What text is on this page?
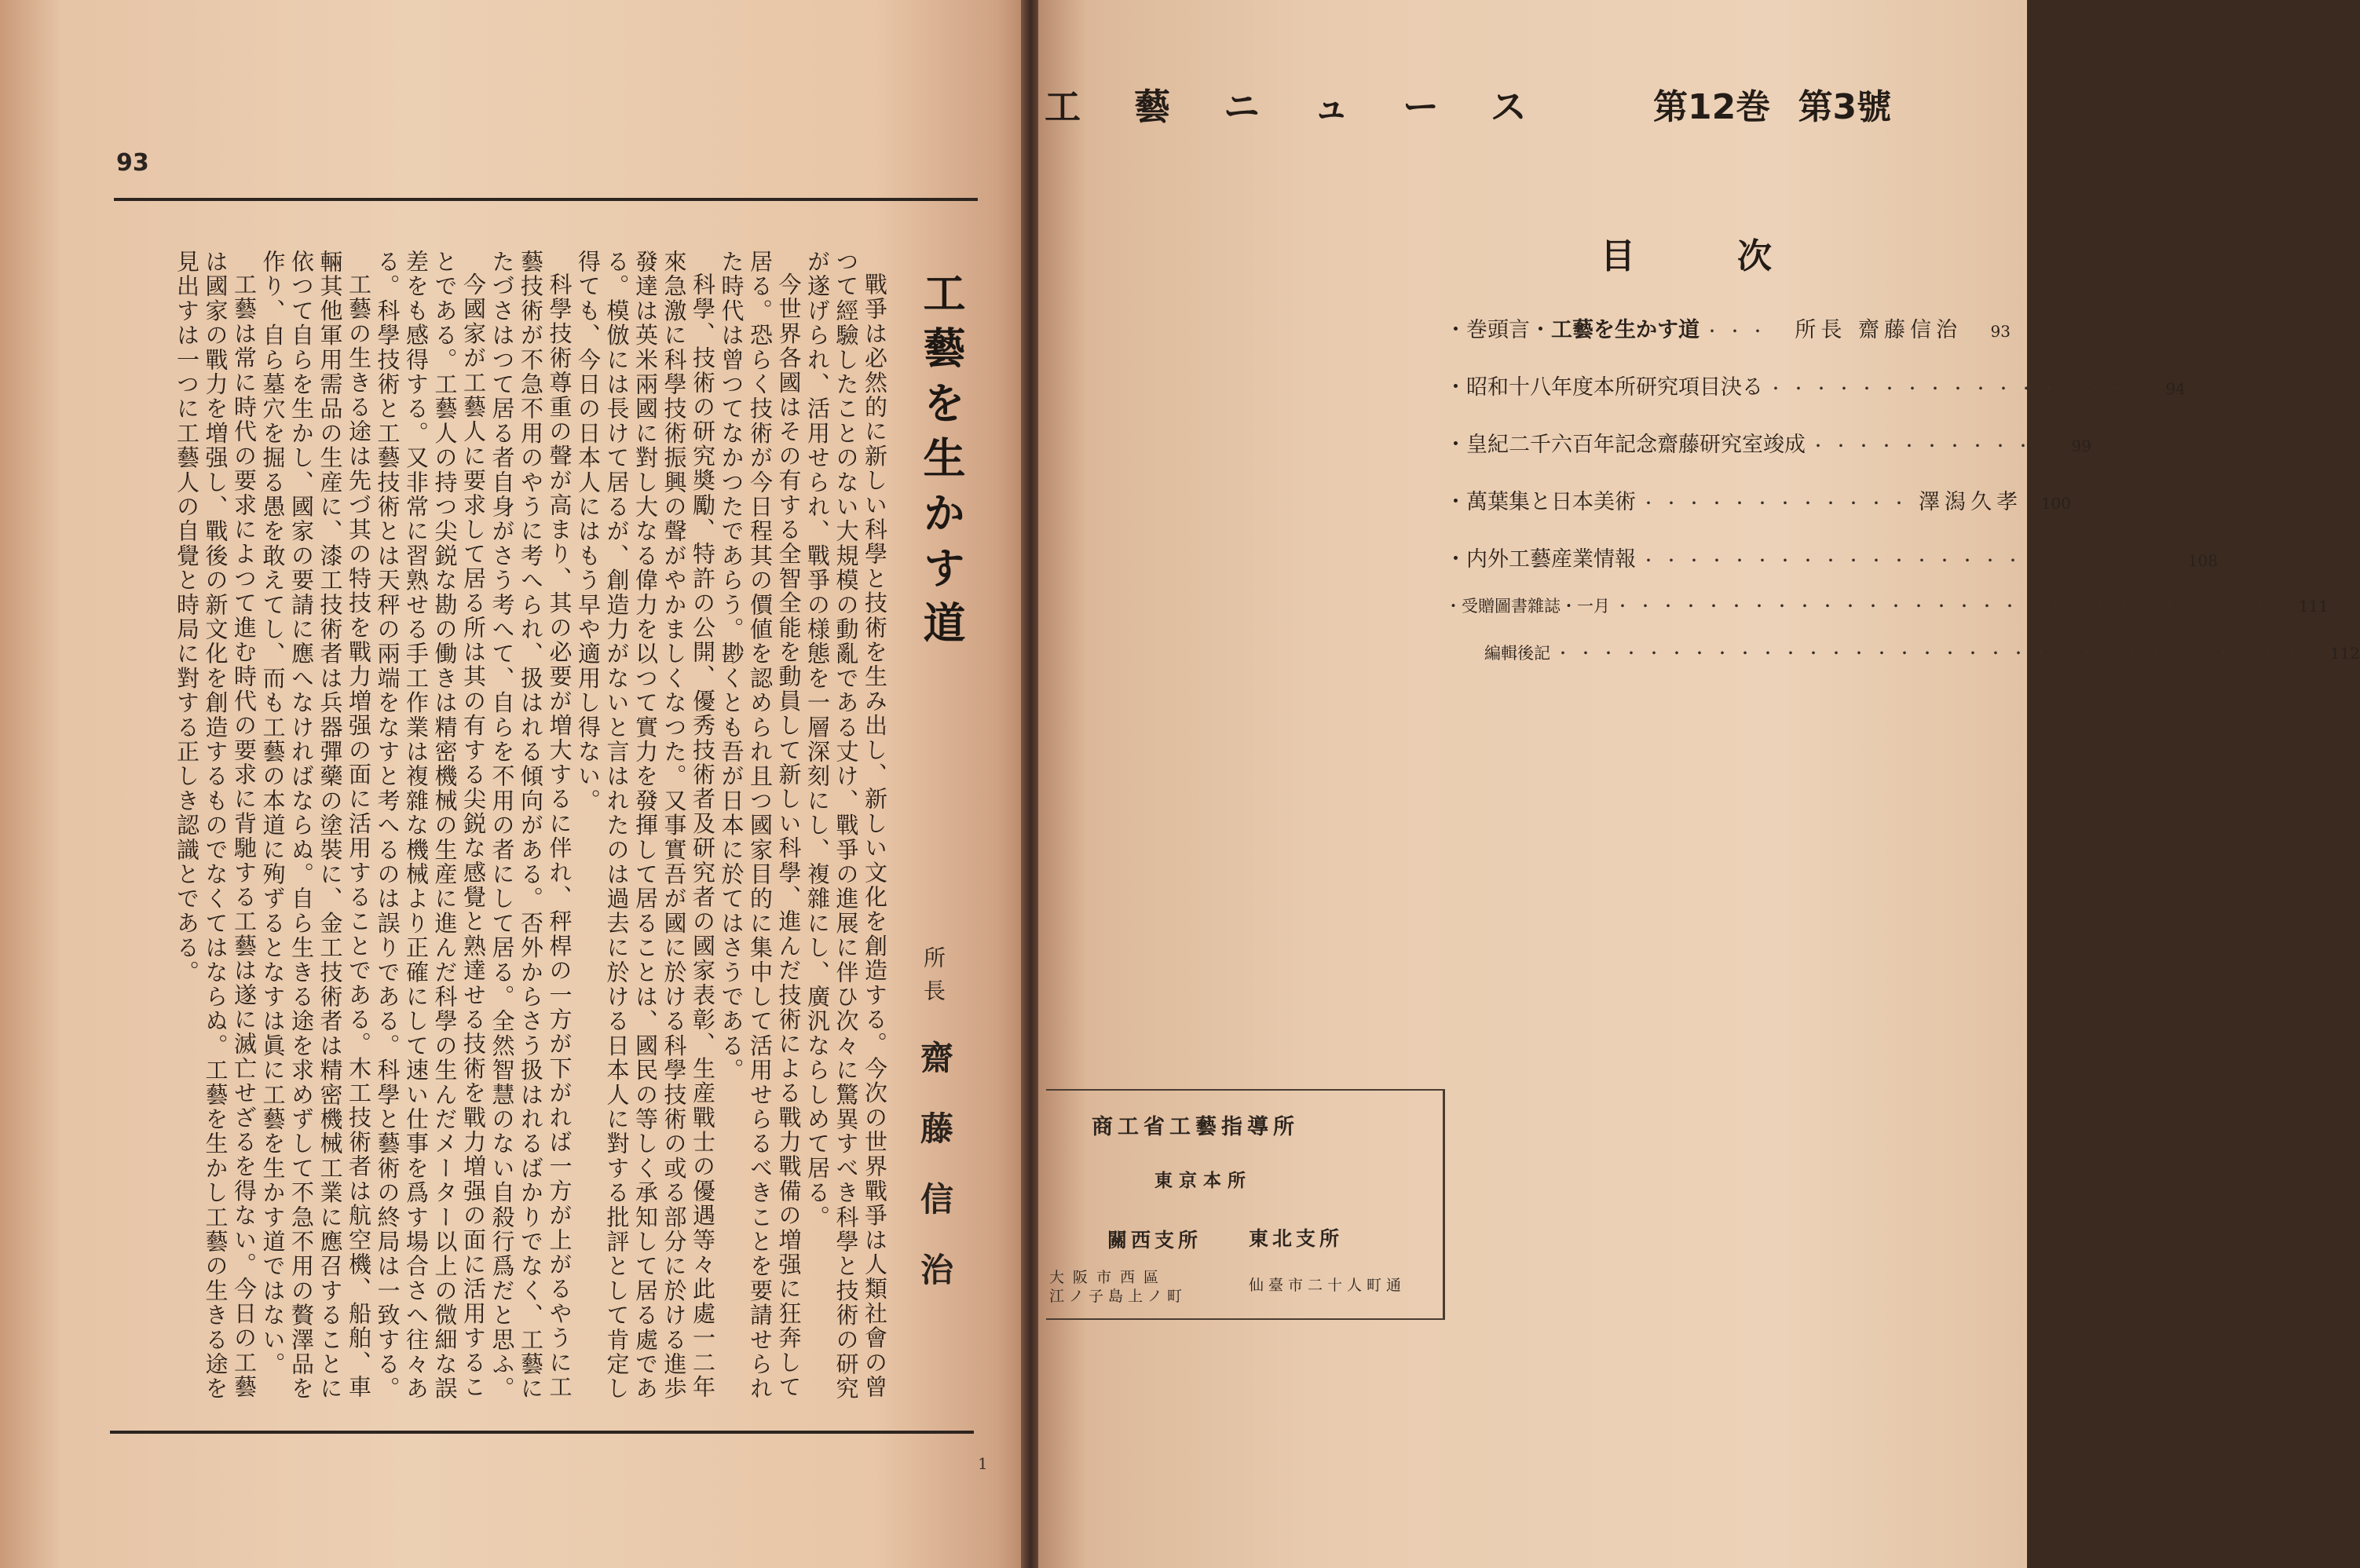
93
工藝を生かす道
所長
齋藤信治

戰爭は必然的に新しい科學と技術を生み出し、新しい文化を創造する。今次の世界戰爭は人類社會の曾つて經驗したことのない大規模の動亂である丈け、戰爭の進展に伴ひ次々に驚異すべき科學と技術の研究が遂げられ、活用せられ、戰爭の様態を一層深刻にし、複雜にし、廣汎ならしめて居る。

今世界各國はその有する全智全能を動員して新しい科學、進んだ技術による戰力戰備の増强に狂奔して居る。恐らく技術が今日程其の價値を認められ且つ國家目的に集中して活用せらるべきことを要請せられた時代は曾つてなかつたであらう。尠くとも吾が日本に於てはさうである。

科學、技術の研究奬勵、特許の公開、優秀技術者及研究者の國家表彰、生産戰士の優遇等々此處一二年來急激に科學技術振興の聲がやかましくなつた。又事實吾が國に於ける科學技術の或る部分に於ける進歩發達は英米兩國に對し大なる偉力を以つて實力を發揮して居ることは、國民の等しく承知して居る處である。模倣には長けて居るが、創造力がないと言はれたのは過去に於ける日本人に對する批評として肯定し得ても、今日の日本人にはもう早や適用し得ない。

科學技術尊重の聲が高まり、其の必要が増大するに伴れ、秤桿の一方が下がれば一方が上がるやうに工藝技術が不急不用のやうに考へられ、扱はれる傾向がある。否外からさう扱はれるばかりでなく、工藝にたづさはつて居る者自身がさう考へて、自らを不用の者にして居る。全然智慧のない自殺行爲だと思ふ。

今國家が工藝人に要求して居る所は其の有する尖鋭な感覺と熟達せる技術を戰力増强の面に活用することである。工藝人の持つ尖鋭な勘の働きは精密機械の生産に進んだ科學の生んだメーター以上の微細な誤差をも感得する。又非常に習熟せる手工作業は複雜な機械より正確にして速い仕事を爲す場合さへ往々ある。科學技術と工藝技術とは天秤の兩端をなすと考へるのは誤りである。科學と藝術の終局は一致する。

工藝の生きる途は先づ其の特技を戰力増强の面に活用することである。木工技術者は航空機、船舶、車輛其他軍用需品の生産に、漆工技術者は兵器彈藥の塗裝に、金工技術者は精密機械工業に應召することに依つて自らを生かし、國家の要請に應へなければならぬ。自ら生きる途を求めずして不急不用の贅澤品を作り、自ら墓穴を掘る愚を敢えてし、而も工藝の本道に殉ずるとなすは眞に工藝を生かす道ではない。

工藝は常に時代の要求によつて進む時代の要求に背馳する工藝は遂に滅亡せざるを得ない。今日の工藝は國家の戰力を増强し、戰後の新文化を創造するものでなくてはならぬ。工藝を生かし工藝の生きる途を見出すは一つに工藝人の自覺と時局に對する正しき認識とである。

1
工藝ニュース 第12巻 第3號
目次
・巻頭言・工藝を生かす道 ・・・	所長 齋藤信治	93
・昭和十八年度本所研究項目決る ・・・・・・・・・・・・・・・・	94
・皇紀二千六百年記念齋藤研究室竣成 ・・・・・・・・・・	99
・萬葉集と日本美術 ・・・・・・・・・・・・ 澤潟久孝	100
・内外工藝産業情報 ・・・・・・・・・・・・・・・・・・・・・・・	108
・受贈圖書雜誌・一月 ・・・・・・・・・・・・・・・・・・・・・・・・・・・・・	111
編輯後記 ・・・・・・・・・・・・・・・・・・・・・・・・・・・・・・・・・	112
商工省工藝指導所
東京本所
關西支所 東北支所
大阪市西區
江ノ子島上ノ町
仙臺市二十人町通
